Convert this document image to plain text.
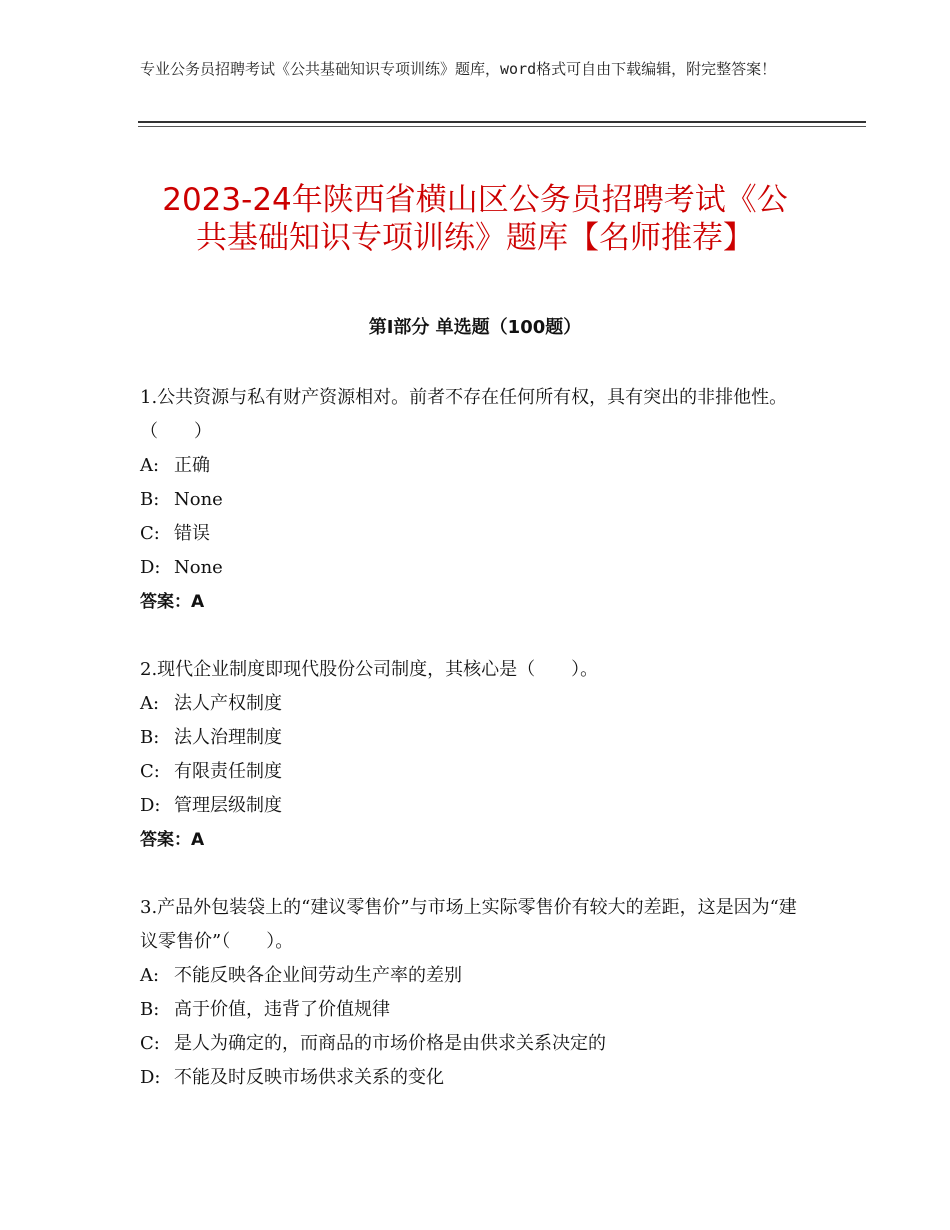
专业公务员招聘考试《公共基础知识专项训练》题库，word格式可自由下载编辑，附完整答案！
2023-24年陕西省横山区公务员招聘考试《公共基础知识专项训练》题库【名师推荐】
第Ⅰ部分 单选题（100题）

1.公共资源与私有财产资源相对。前者不存在任何所有权，具有突出的非排他性。（　　）

A: 正确

B: None

C: 错误

D: None

答案：A

2.现代企业制度即现代股份公司制度，其核心是（　　）。

A: 法人产权制度

B: 法人治理制度

C: 有限责任制度

D: 管理层级制度

答案：A

3.产品外包装袋上的“建议零售价”与市场上实际零售价有较大的差距，这是因为“建议零售价”（　　）。

A: 不能反映各企业间劳动生产率的差别

B: 高于价值，违背了价值规律

C: 是人为确定的，而商品的市场价格是由供求关系决定的

D: 不能及时反映市场供求关系的变化
